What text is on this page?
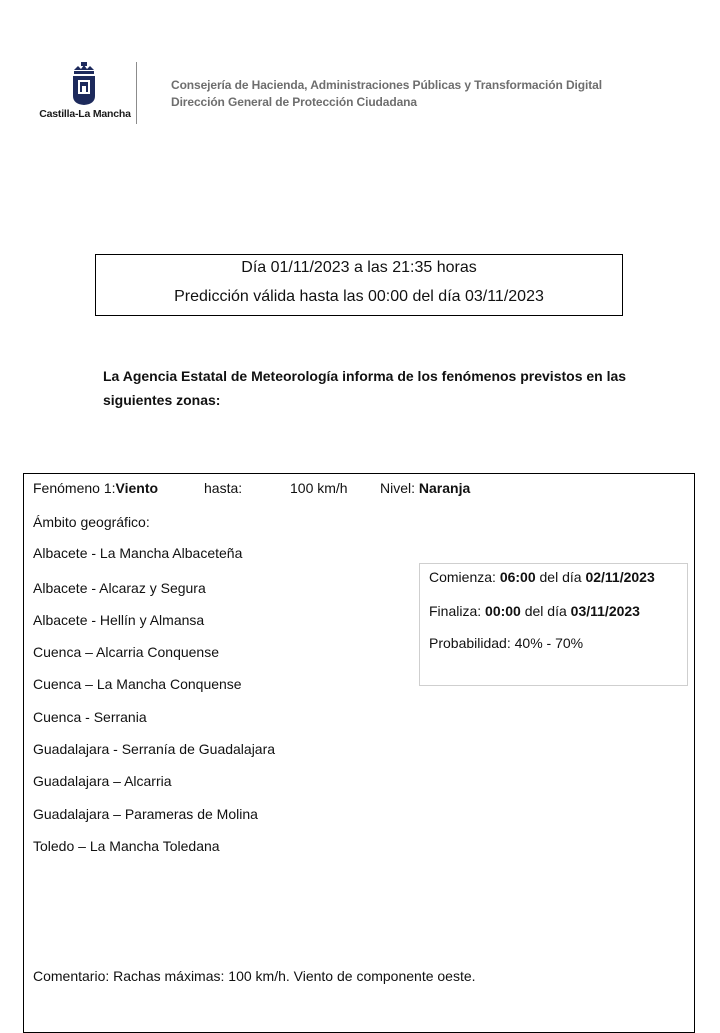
Castilla-La Mancha
Consejería de Hacienda, Administraciones Públicas y Transformación Digital
Dirección General de Protección Ciudadana
Día 01/11/2023 a las 21:35 horas
Predicción válida hasta las 00:00 del día 03/11/2023
La Agencia Estatal de Meteorología informa de los fenómenos previstos en las siguientes zonas:
Fenómeno 1:Viento	hasta:	100 km/h Nivel: Naranja
Ámbito geográfico:
Albacete - La Mancha Albaceteña
Albacete - Alcaraz y Segura
Albacete - Hellín y Almansa
Cuenca – Alcarria Conquense
Cuenca – La Mancha Conquense
Cuenca - Serrania
Guadalajara - Serranía de Guadalajara
Guadalajara – Alcarria
Guadalajara – Parameras de Molina
Toledo – La Mancha Toledana
Comienza: 06:00 del día 02/11/2023
Finaliza: 00:00 del día 03/11/2023
Probabilidad: 40% - 70%
Comentario: Rachas máximas: 100 km/h. Viento de componente oeste.
